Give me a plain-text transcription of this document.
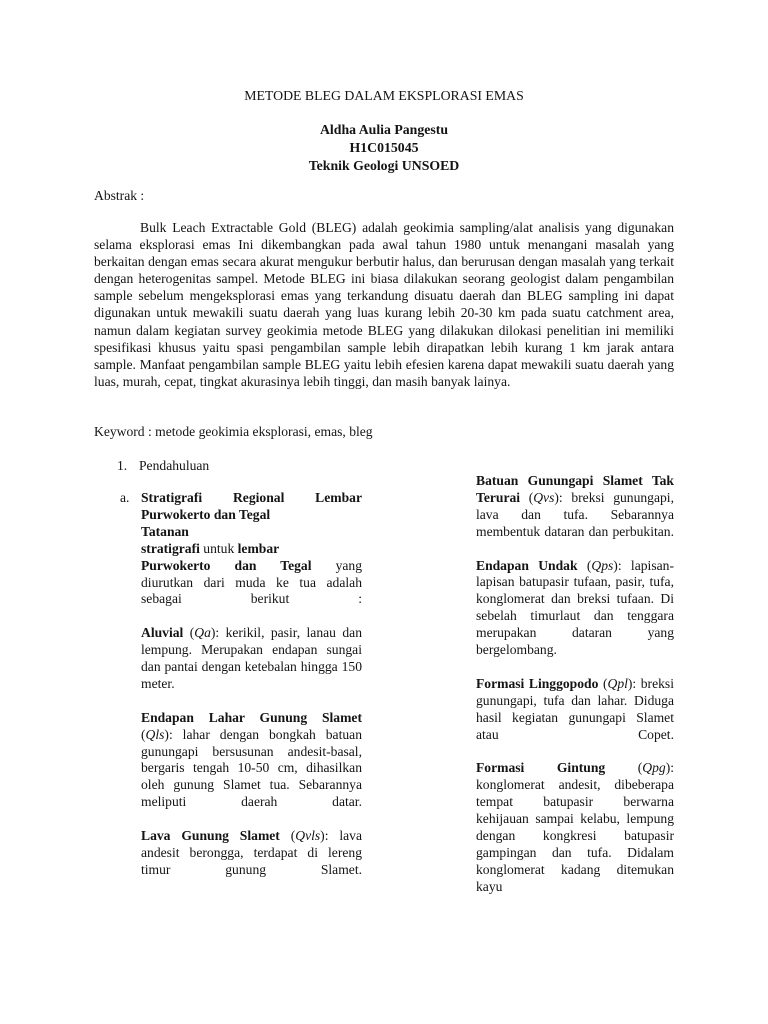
METODE BLEG DALAM EKSPLORASI EMAS
Aldha Aulia Pangestu
H1C015045
Teknik Geologi UNSOED
Abstrak :

Bulk Leach Extractable Gold (BLEG) adalah geokimia sampling/alat analisis yang digunakan selama eksplorasi emas Ini dikembangkan pada awal tahun 1980 untuk menangani masalah yang berkaitan dengan emas secara akurat mengukur berbutir halus, dan berurusan dengan masalah yang terkait dengan heterogenitas sampel. Metode BLEG ini biasa dilakukan seorang geologist dalam pengambilan sample sebelum mengeksplorasi emas yang terkandung disuatu daerah dan BLEG sampling ini dapat digunakan untuk mewakili suatu daerah yang luas kurang lebih 20-30 km pada suatu catchment area, namun dalam kegiatan survey geokimia metode BLEG yang dilakukan dilokasi penelitian ini memiliki spesifikasi khusus yaitu spasi pengambilan sample lebih dirapatkan lebih kurang 1 km jarak antara sample. Manfaat pengambilan sample BLEG yaitu lebih efesien karena dapat mewakili suatu daerah yang luas, murah, cepat, tingkat akurasinya lebih tinggi, dan masih banyak lainya.

Keyword : metode geokimia eksplorasi, emas, bleg
1. Pendahuluan
a. Stratigrafi Regional Lembar
Purwokerto dan Tegal
Tatanan
stratigrafi untuk lembar
Purwokerto dan Tegal yang

diurutkan dari muda ke tua adalah sebagai berikut :

Aluvial (Qa): kerikil, pasir, lanau dan lempung. Merupakan endapan sungai dan pantai dengan ketebalan hingga 150 meter.

Endapan Lahar Gunung Slamet (Qls): lahar dengan bongkah batuan gunungapi bersusunan andesit-basal, bergaris tengah 10-50 cm, dihasilkan oleh gunung Slamet tua. Sebarannya meliputi daerah datar.

Lava Gunung Slamet (Qvls): lava andesit berongga, terdapat di lereng timur gunung Slamet.

Batuan Gunungapi Slamet Tak Terurai (Qvs): breksi gunungapi, lava dan tufa. Sebarannya membentuk dataran dan perbukitan.

Endapan Undak (Qps): lapisan-lapisan batupasir tufaan, pasir, tufa, konglomerat dan breksi tufaan. Di sebelah timurlaut dan tenggara merupakan dataran yang bergelombang.

Formasi Linggopodo (Qpl): breksi gunungapi, tufa dan lahar. Diduga hasil kegiatan gunungapi Slamet atau Copet.

Formasi Gintung (Qpg): konglomerat andesit, dibeberapa tempat batupasir berwarna kehijauan sampai kelabu, lempung dengan kongkresi batupasir gampingan dan tufa. Didalam konglomerat kadang ditemukan kayu
